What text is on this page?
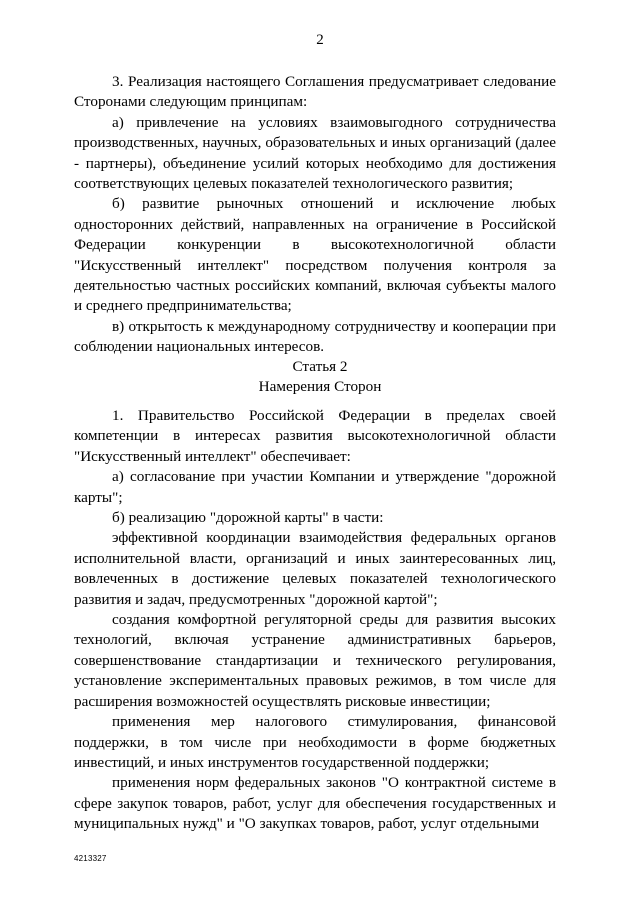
2

3. Реализация настоящего Соглашения предусматривает следование Сторонами следующим принципам:

а) привлечение на условиях взаимовыгодного сотрудничества производственных, научных, образовательных и иных организаций (далее - партнеры), объединение усилий которых необходимо для достижения соответствующих целевых показателей технологического развития;

б) развитие рыночных отношений и исключение любых односторонних действий, направленных на ограничение в Российской Федерации конкуренции в высокотехнологичной области "Искусственный интеллект" посредством получения контроля за деятельностью частных российских компаний, включая субъекты малого и среднего предпринимательства;

в) открытость к международному сотрудничеству и кооперации при соблюдении национальных интересов.

Статья 2
Намерения Сторон

1. Правительство Российской Федерации в пределах своей компетенции в интересах развития высокотехнологичной области "Искусственный интеллект" обеспечивает:

а) согласование при участии Компании и утверждение "дорожной карты";

б) реализацию "дорожной карты" в части:

эффективной координации взаимодействия федеральных органов исполнительной власти, организаций и иных заинтересованных лиц, вовлеченных в достижение целевых показателей технологического развития и задач, предусмотренных "дорожной картой";

создания комфортной регуляторной среды для развития высоких технологий, включая устранение административных барьеров, совершенствование стандартизации и технического регулирования, установление экспериментальных правовых режимов, в том числе для расширения возможностей осуществлять рисковые инвестиции;

применения мер налогового стимулирования, финансовой поддержки, в том числе при необходимости в форме бюджетных инвестиций, и иных инструментов государственной поддержки;

применения норм федеральных законов "О контрактной системе в сфере закупок товаров, работ, услуг для обеспечения государственных и муниципальных нужд" и "О закупках товаров, работ, услуг отдельными

4213327
